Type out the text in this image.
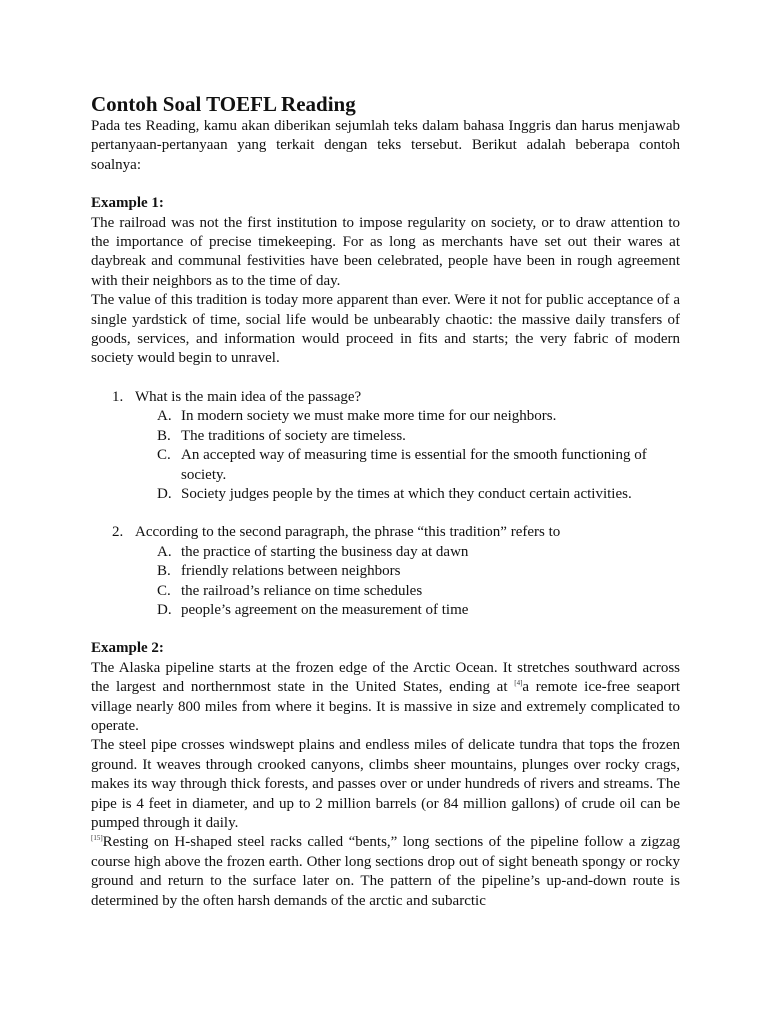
Contoh Soal TOEFL Reading

Pada tes Reading, kamu akan diberikan sejumlah teks dalam bahasa Inggris dan harus menjawab pertanyaan-pertanyaan yang terkait dengan teks tersebut. Berikut adalah beberapa contoh soalnya:

Example 1:

The railroad was not the first institution to impose regularity on society, or to draw attention to the importance of precise timekeeping. For as long as merchants have set out their wares at daybreak and communal festivities have been celebrated, people have been in rough agreement with their neighbors as to the time of day.

The value of this tradition is today more apparent than ever. Were it not for public acceptance of a single yardstick of time, social life would be unbearably chaotic: the massive daily transfers of goods, services, and information would proceed in fits and starts; the very fabric of modern society would begin to unravel.

1. What is the main idea of the passage?
A. In modern society we must make more time for our neighbors.
B. The traditions of society are timeless.
C. An accepted way of measuring time is essential for the smooth functioning of society.
D. Society judges people by the times at which they conduct certain activities.
2. According to the second paragraph, the phrase “this tradition” refers to
A. the practice of starting the business day at dawn
B. friendly relations between neighbors
C. the railroad’s reliance on time schedules
D. people’s agreement on the measurement of time
Example 2:

The Alaska pipeline starts at the frozen edge of the Arctic Ocean. It stretches southward across the largest and northernmost state in the United States, ending at [4]a remote ice-free seaport village nearly 800 miles from where it begins. It is massive in size and extremely complicated to operate.

The steel pipe crosses windswept plains and endless miles of delicate tundra that tops the frozen ground. It weaves through crooked canyons, climbs sheer mountains, plunges over rocky crags, makes its way through thick forests, and passes over or under hundreds of rivers and streams. The pipe is 4 feet in diameter, and up to 2 million barrels (or 84 million gallons) of crude oil can be pumped through it daily.

[15]Resting on H-shaped steel racks called “bents,” long sections of the pipeline follow a zigzag course high above the frozen earth. Other long sections drop out of sight beneath spongy or rocky ground and return to the surface later on. The pattern of the pipeline’s up-and-down route is determined by the often harsh demands of the arctic and subarctic
